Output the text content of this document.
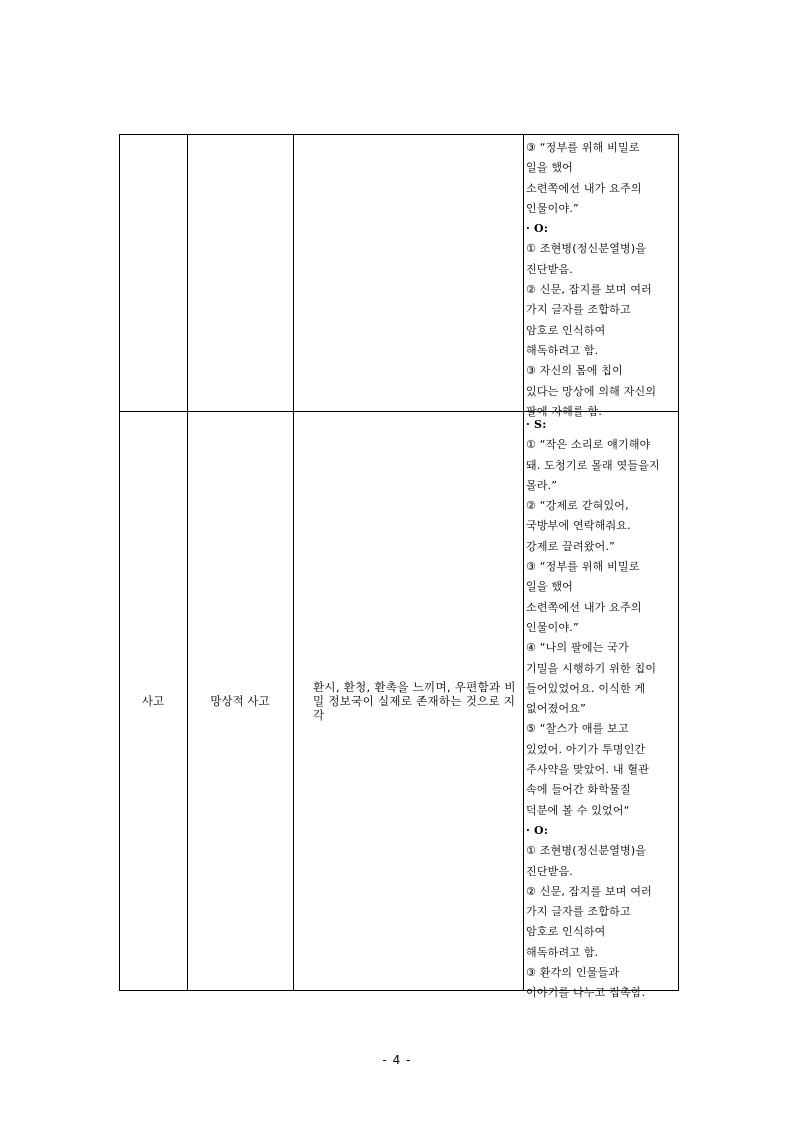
③ “정부를 위해 비밀로
일을 했어
소련쪽에선 내가 요주의
인물이야.”
· O:
① 조현병(정신분열병)을
진단받음.
② 신문, 잡지를 보며 여러
가지 글자를 조합하고
암호로 인식하여
해독하려고 함.
③ 자신의 몸에 칩이
있다는 망상에 의해 자신의
팔에 자해를 함.
사고	망상적 사고
환시, 환청, 환촉을 느끼며, 우편함과 비밀 정보국이 실제로 존재하는 것으로 지각
· S:
① “작은 소리로 얘기해야
돼. 도청기로 몰래 엿들을지
몰라.”
② “강제로 갇혀있어,
국방부에 연락해줘요.
강제로 끌려왔어.”
③ “정부를 위해 비밀로
일을 했어
소련쪽에선 내가 요주의
인물이야.”
④ “나의 팔에는 국가
기밀을 시행하기 위한 칩이
들어있었어요. 이식한 게
없어졌어요”
⑤ “찰스가 애를 보고
있었어. 아기가 투명인간
주사약을 맞았어. 내 혈관
속에 들어간 화학물질
덕분에 볼 수 있었어“
· O:
① 조현병(정신분열병)을
진단받음.
② 신문, 잡지를 보며 여러
가지 글자를 조합하고
암호로 인식하여
해독하려고 함.
③ 환각의 인물들과
이야기를 나누고 접촉함.
- 4 -
